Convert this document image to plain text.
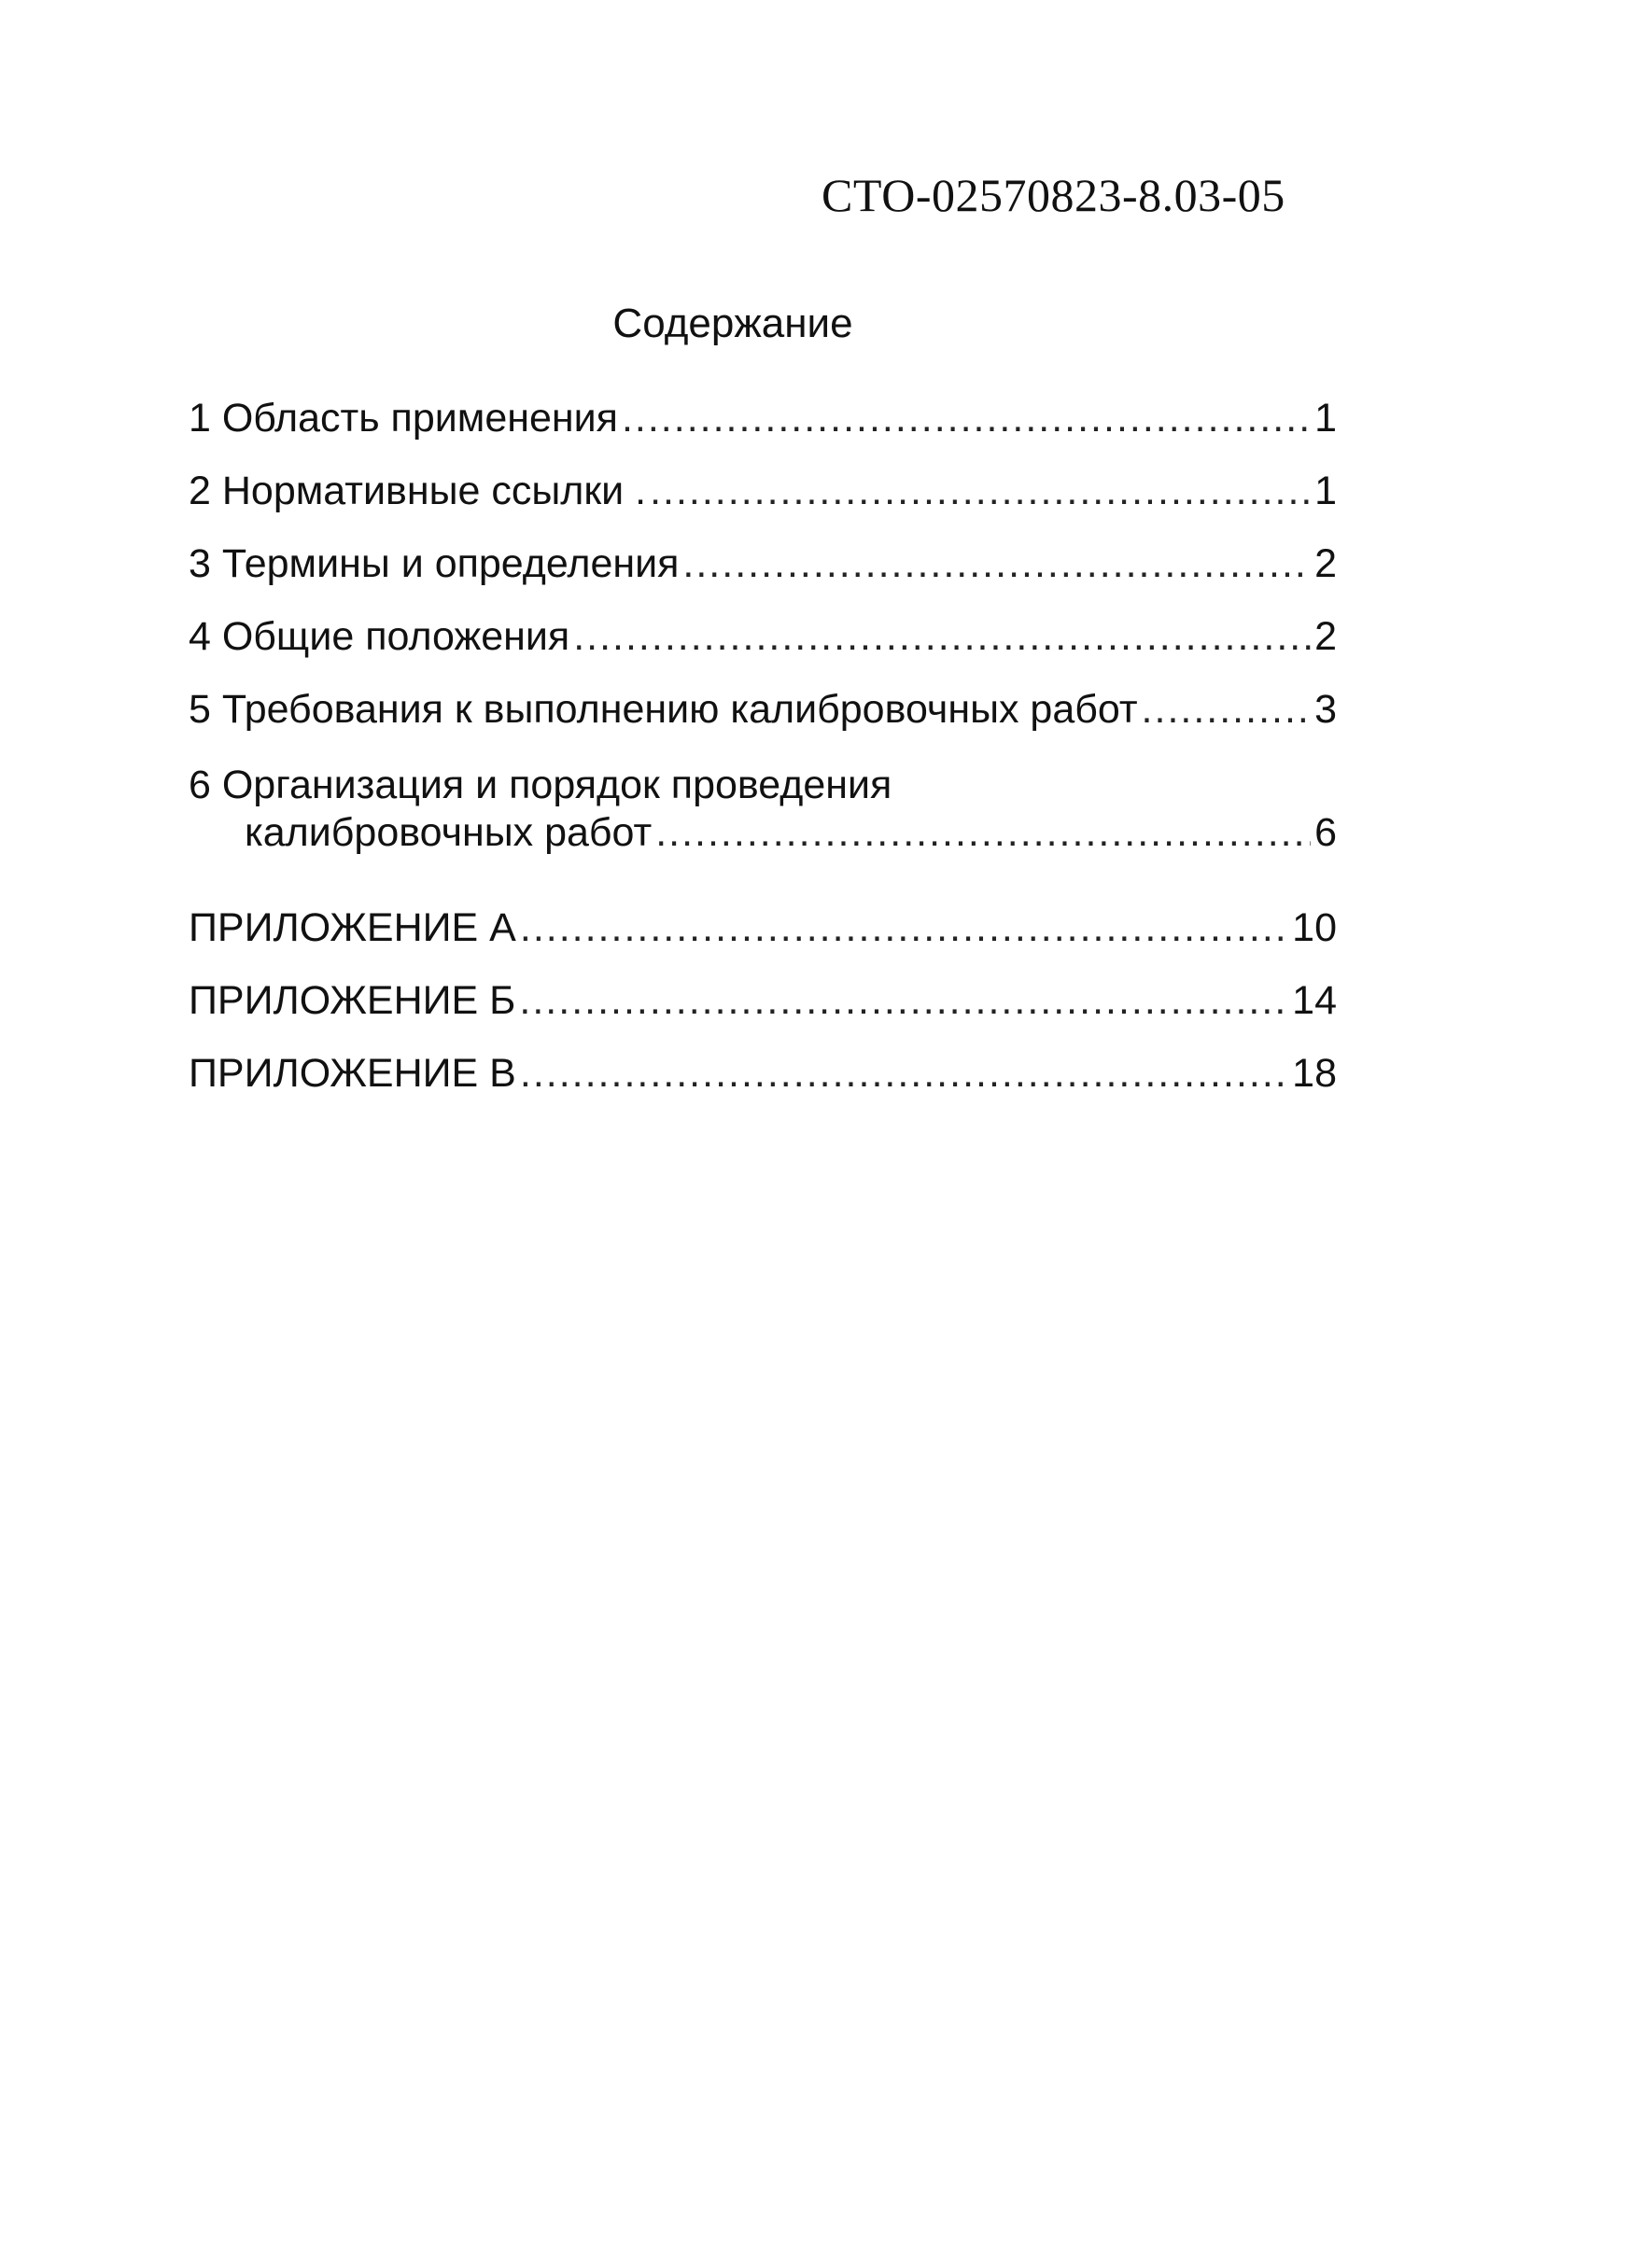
СТО-02570823-8.03-05
Содержание
1 Область применения .....	1
2 Нормативные ссылки . .....	1
3 Термины и определения .....	2
4 Общие положения .....	2
5 Требования к выполнению калибровочных работ .....	3
6 Организация и порядок проведения
калибровочных работ .....	6
ПРИЛОЖЕНИЕ А .....	10
ПРИЛОЖЕНИЕ Б .....	14
ПРИЛОЖЕНИЕ В .....	18
